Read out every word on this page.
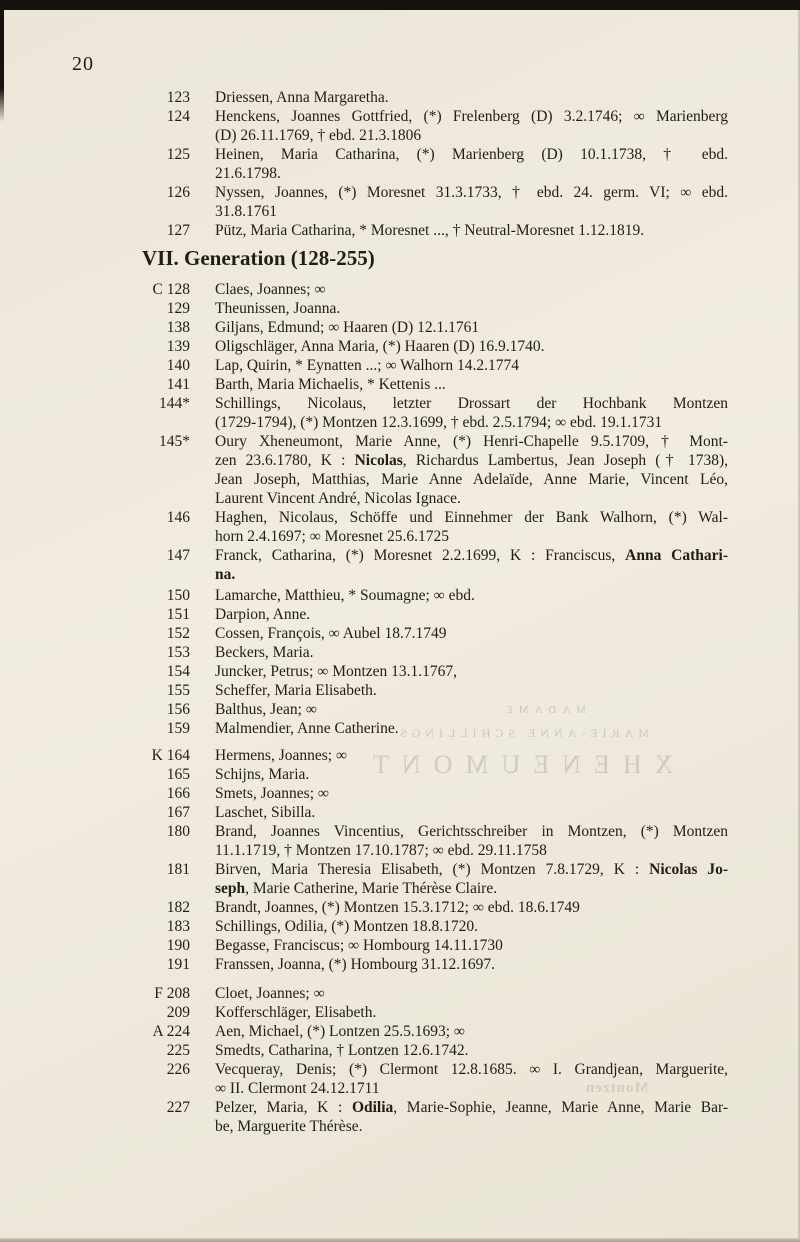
MADAME
MARIE-ANNE SCHILLINGS
XHENEUMONT
Montzen
20
123 Driessen, Anna Margaretha.
124 Henckens, Joannes Gottfried, (*) Frelenberg (D) 3.2.1746; ∞ Marienberg
(D) 26.11.1769, † ebd. 21.3.1806
125 Heinen, Maria Catharina, (*) Marienberg (D) 10.1.1738, † ebd.
21.6.1798.
126 Nyssen, Joannes, (*) Moresnet 31.3.1733, † ebd. 24. germ. VI; ∞ ebd.
31.8.1761
127 Pütz, Maria Catharina, * Moresnet ..., † Neutral-Moresnet 1.12.1819.
VII. Generation (128-255)
C 128 Claes, Joannes; ∞
129 Theunissen, Joanna.
138 Giljans, Edmund; ∞ Haaren (D) 12.1.1761
139 Oligschläger, Anna Maria, (*) Haaren (D) 16.9.1740.
140 Lap, Quirin, * Eynatten ...; ∞ Walhorn 14.2.1774
141 Barth, Maria Michaelis, * Kettenis ...
144* Schillings, Nicolaus, letzter Drossart der Hochbank Montzen
(1729-1794), (*) Montzen 12.3.1699, † ebd. 2.5.1794; ∞ ebd. 19.1.1731
145* Oury Xheneumont, Marie Anne, (*) Henri-Chapelle 9.5.1709, † Mont-
zen 23.6.1780, K : Nicolas, Richardus Lambertus, Jean Joseph († 1738),
Jean Joseph, Matthias, Marie Anne Adelaïde, Anne Marie, Vincent Léo,
Laurent Vincent André, Nicolas Ignace.
146 Haghen, Nicolaus, Schöffe und Einnehmer der Bank Walhorn, (*) Wal-
horn 2.4.1697; ∞ Moresnet 25.6.1725
147 Franck, Catharina, (*) Moresnet 2.2.1699, K : Franciscus, Anna Cathari-
na.
150 Lamarche, Matthieu, * Soumagne; ∞ ebd.
151 Darpion, Anne.
152 Cossen, François, ∞ Aubel 18.7.1749
153 Beckers, Maria.
154 Juncker, Petrus; ∞ Montzen 13.1.1767,
155 Scheffer, Maria Elisabeth.
156 Balthus, Jean; ∞
159 Malmendier, Anne Catherine.
K 164 Hermens, Joannes; ∞
165 Schijns, Maria.
166 Smets, Joannes; ∞
167 Laschet, Sibilla.
180 Brand, Joannes Vincentius, Gerichtsschreiber in Montzen, (*) Montzen
11.1.1719, † Montzen 17.10.1787; ∞ ebd. 29.11.1758
181 Birven, Maria Theresia Elisabeth, (*) Montzen 7.8.1729, K : Nicolas Jo-
seph, Marie Catherine, Marie Thérèse Claire.
182 Brandt, Joannes, (*) Montzen 15.3.1712; ∞ ebd. 18.6.1749
183 Schillings, Odilia, (*) Montzen 18.8.1720.
190 Begasse, Franciscus; ∞ Hombourg 14.11.1730
191 Franssen, Joanna, (*) Hombourg 31.12.1697.
F 208 Cloet, Joannes; ∞
209 Kofferschläger, Elisabeth.
A 224 Aen, Michael, (*) Lontzen 25.5.1693; ∞
225 Smedts, Catharina, † Lontzen 12.6.1742.
226 Vecqueray, Denis; (*) Clermont 12.8.1685. ∞ I. Grandjean, Marguerite,
∞ II. Clermont 24.12.1711
227 Pelzer, Maria, K : Odilia, Marie-Sophie, Jeanne, Marie Anne, Marie Bar-
be, Marguerite Thérèse.
